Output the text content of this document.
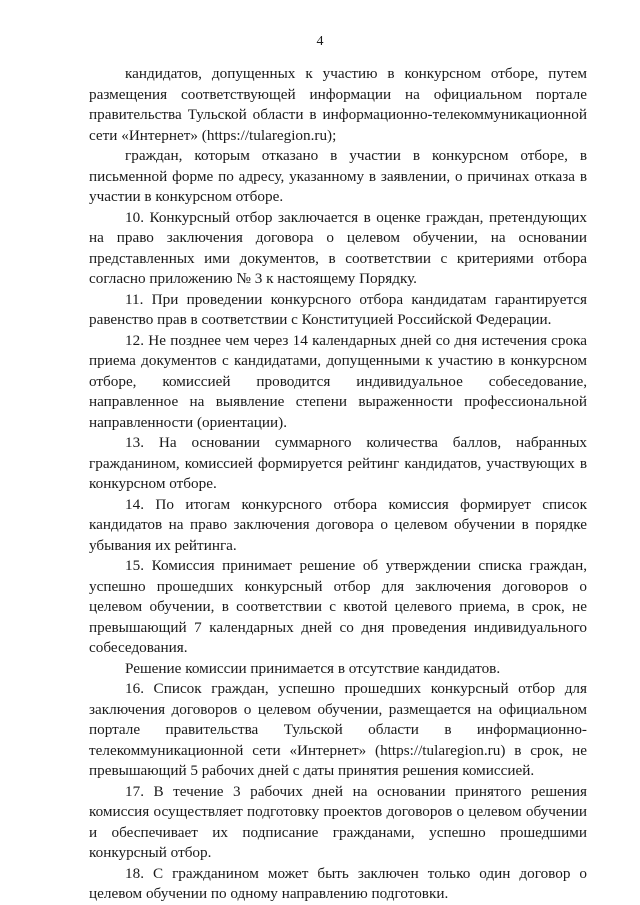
4

кандидатов, допущенных к участию в конкурсном отборе, путем размещения соответствующей информации на официальном портале правительства Тульской области в информационно-телекоммуникационной сети «Интернет» (https://tularegion.ru);

граждан, которым отказано в участии в конкурсном отборе, в письменной форме по адресу, указанному в заявлении, о причинах отказа в участии в конкурсном отборе.

10. Конкурсный отбор заключается в оценке граждан, претендующих на право заключения договора о целевом обучении, на основании представленных ими документов, в соответствии с критериями отбора согласно приложению № 3 к настоящему Порядку.

11. При проведении конкурсного отбора кандидатам гарантируется равенство прав в соответствии с Конституцией Российской Федерации.

12. Не позднее чем через 14 календарных дней со дня истечения срока приема документов с кандидатами, допущенными к участию в конкурсном отборе, комиссией проводится индивидуальное собеседование, направленное на выявление степени выраженности профессиональной направленности (ориентации).

13. На основании суммарного количества баллов, набранных гражданином, комиссией формируется рейтинг кандидатов, участвующих в конкурсном отборе.

14. По итогам конкурсного отбора комиссия формирует список кандидатов на право заключения договора о целевом обучении в порядке убывания их рейтинга.

15. Комиссия принимает решение об утверждении списка граждан, успешно прошедших конкурсный отбор для заключения договоров о целевом обучении, в соответствии с квотой целевого приема, в срок, не превышающий 7 календарных дней со дня проведения индивидуального собеседования.

Решение комиссии принимается в отсутствие кандидатов.

16. Список граждан, успешно прошедших конкурсный отбор для заключения договоров о целевом обучении, размещается на официальном портале правительства Тульской области в информационно-телекоммуникационной сети «Интернет» (https://tularegion.ru) в срок, не превышающий 5 рабочих дней с даты принятия решения комиссией.

17. В течение 3 рабочих дней на основании принятого решения комиссия осуществляет подготовку проектов договоров о целевом обучении и обеспечивает их подписание гражданами, успешно прошедшими конкурсный отбор.

18. С гражданином может быть заключен только один договор о целевом обучении по одному направлению подготовки.
